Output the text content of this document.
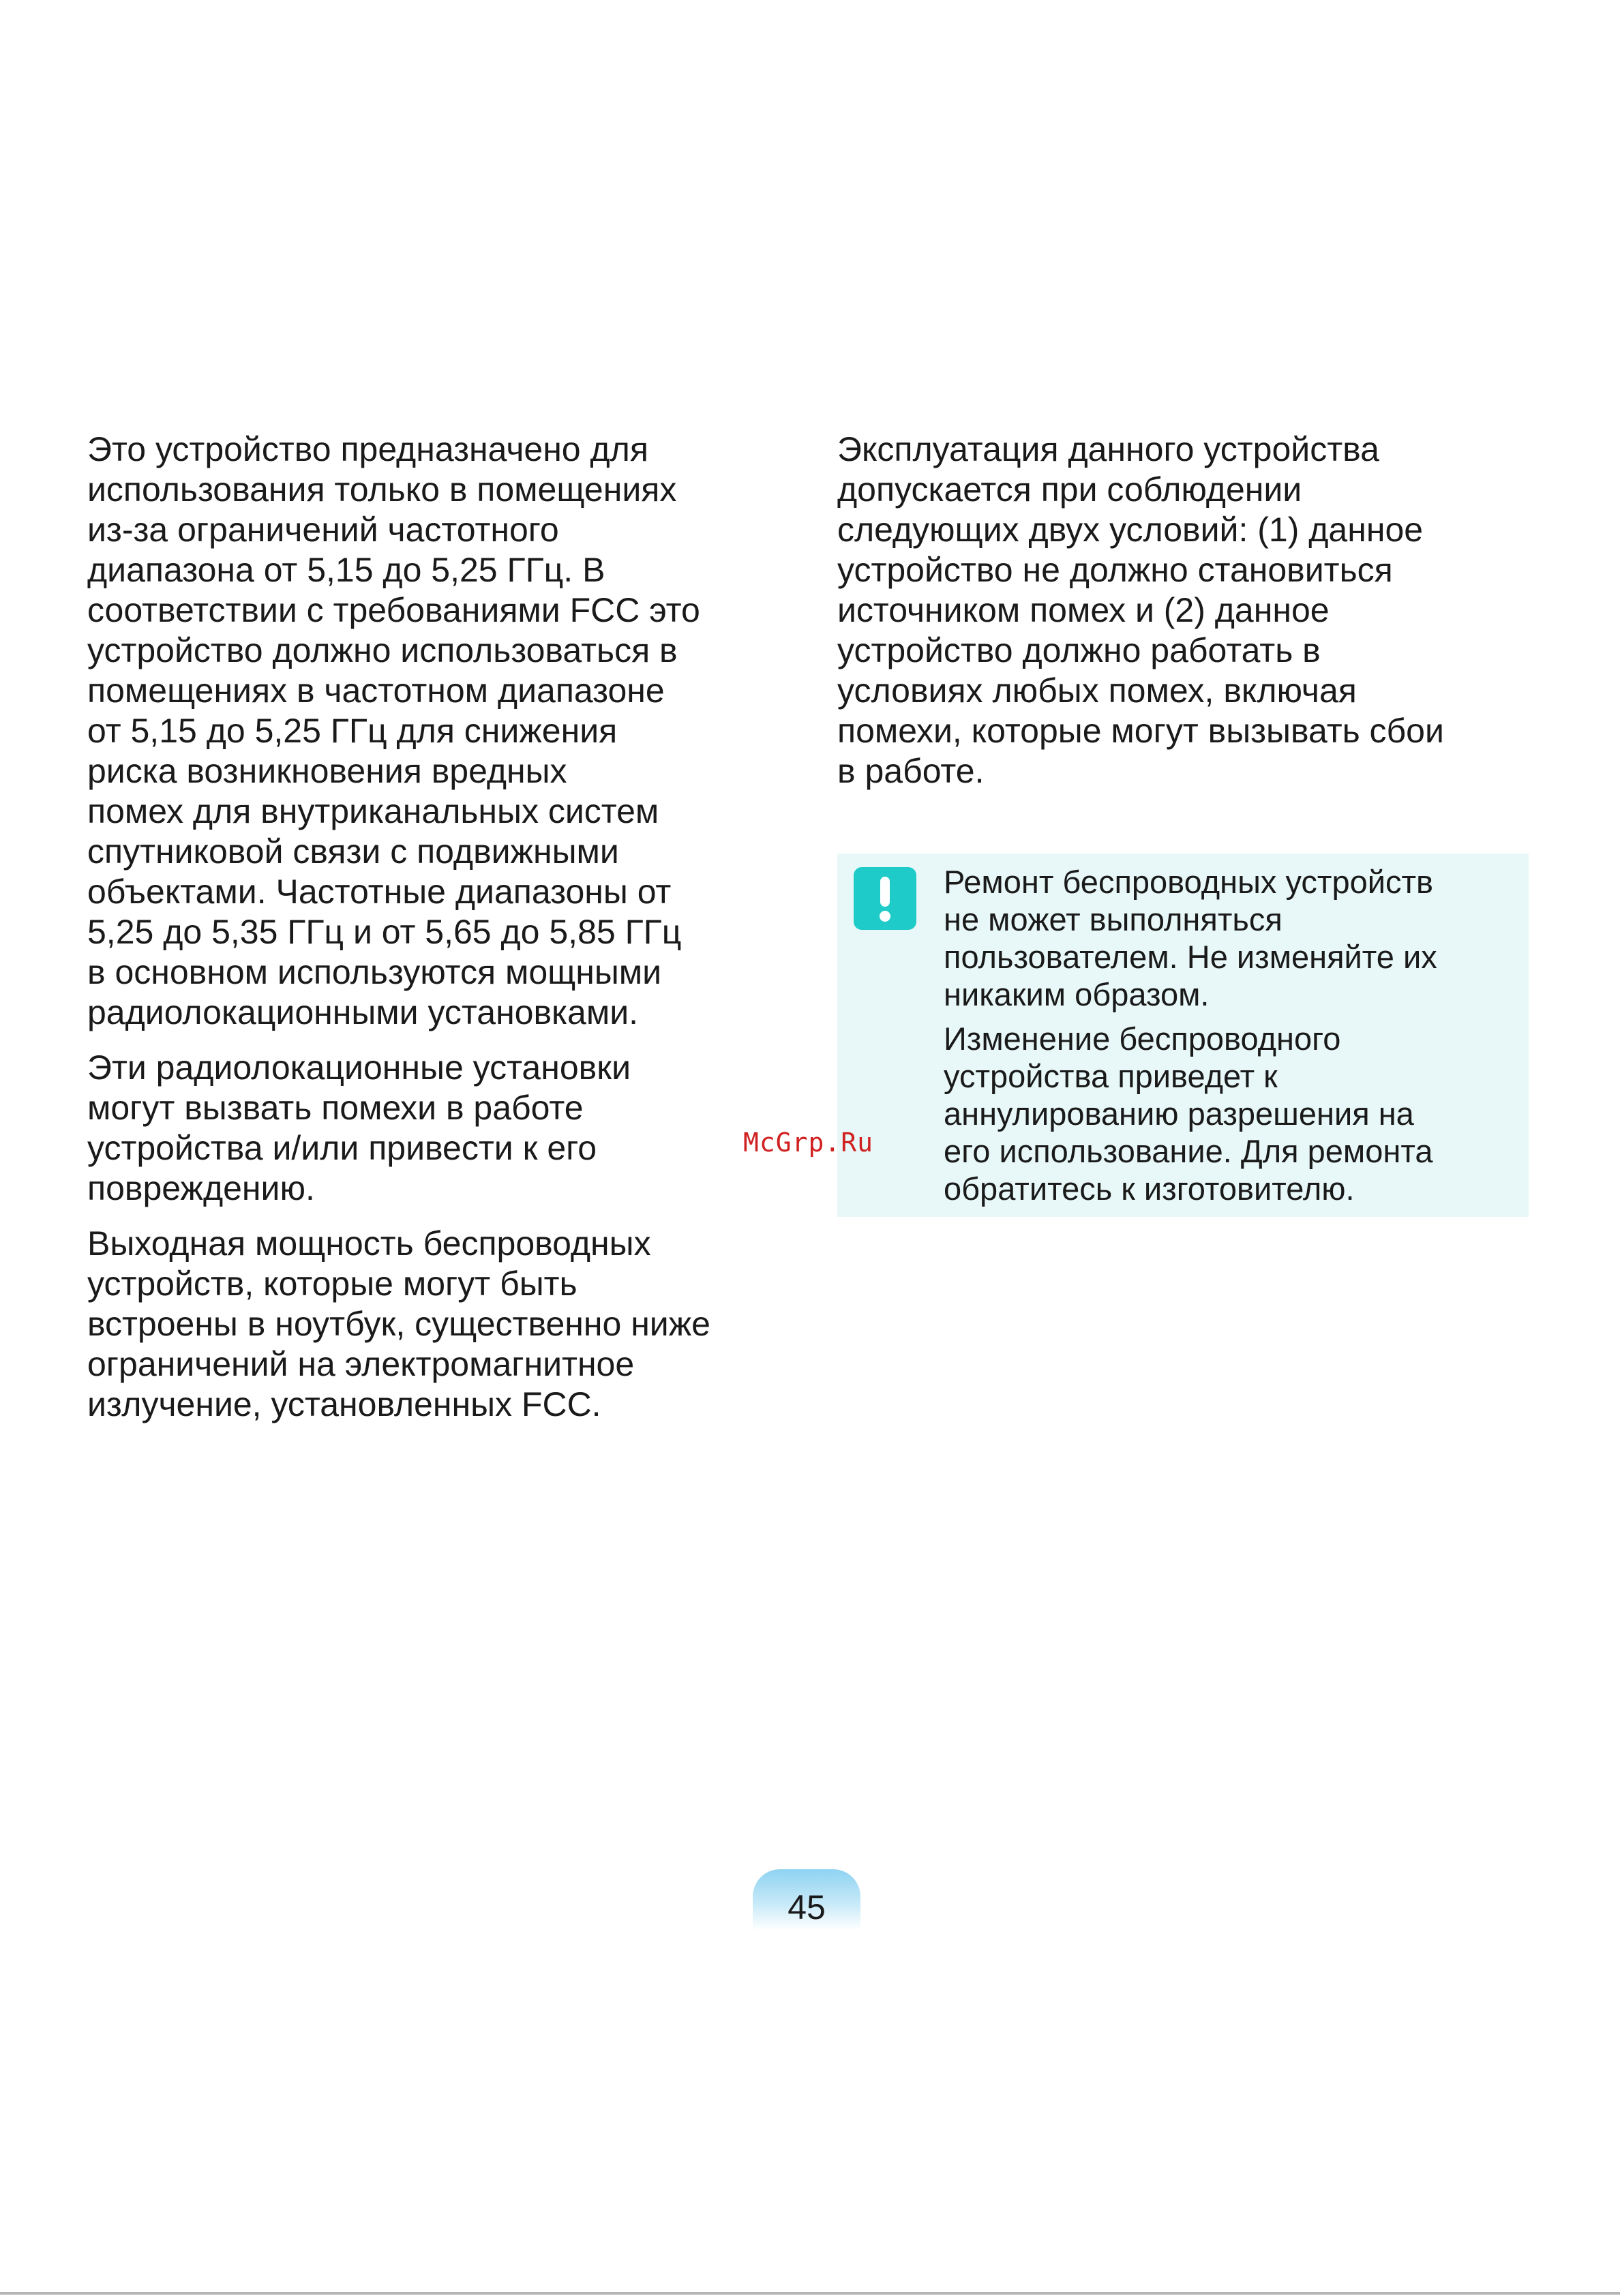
Это устройство предназначено для
использования только в помещениях
из-за ограничений частотного
диапазона от 5,15 до 5,25 ГГц. В
соответствии с требованиями FCC это
устройство должно использоваться в
помещениях в частотном диапазоне
от 5,15 до 5,25 ГГц для снижения
риска возникновения вредных
помех для внутриканальных систем
спутниковой связи с подвижными
объектами. Частотные диапазоны от
5,25 до 5,35 ГГц и от 5,65 до 5,85 ГГц
в основном используются мощными
радиолокационными установками.

Эти радиолокационные установки
могут вызвать помехи в работе
устройства и/или привести к его
повреждению.

Выходная мощность беспроводных
устройств, которые могут быть
встроены в ноутбук, существенно ниже
ограничений на электромагнитное
излучение, установленных FCC.

Эксплуатация данного устройства
допускается при соблюдении
следующих двух условий: (1) данное
устройство не должно становиться
источником помех и (2) данное
устройство должно работать в
условиях любых помех, включая
помехи, которые могут вызывать сбои
в работе.

Ремонт беспроводных устройств
не может выполняться
пользователем. Не изменяйте их
никаким образом.

Изменение беспроводного
устройства приведет к
аннулированию разрешения на
его использование. Для ремонта
обратитесь к изготовителю.

McGrp.Ru
45
